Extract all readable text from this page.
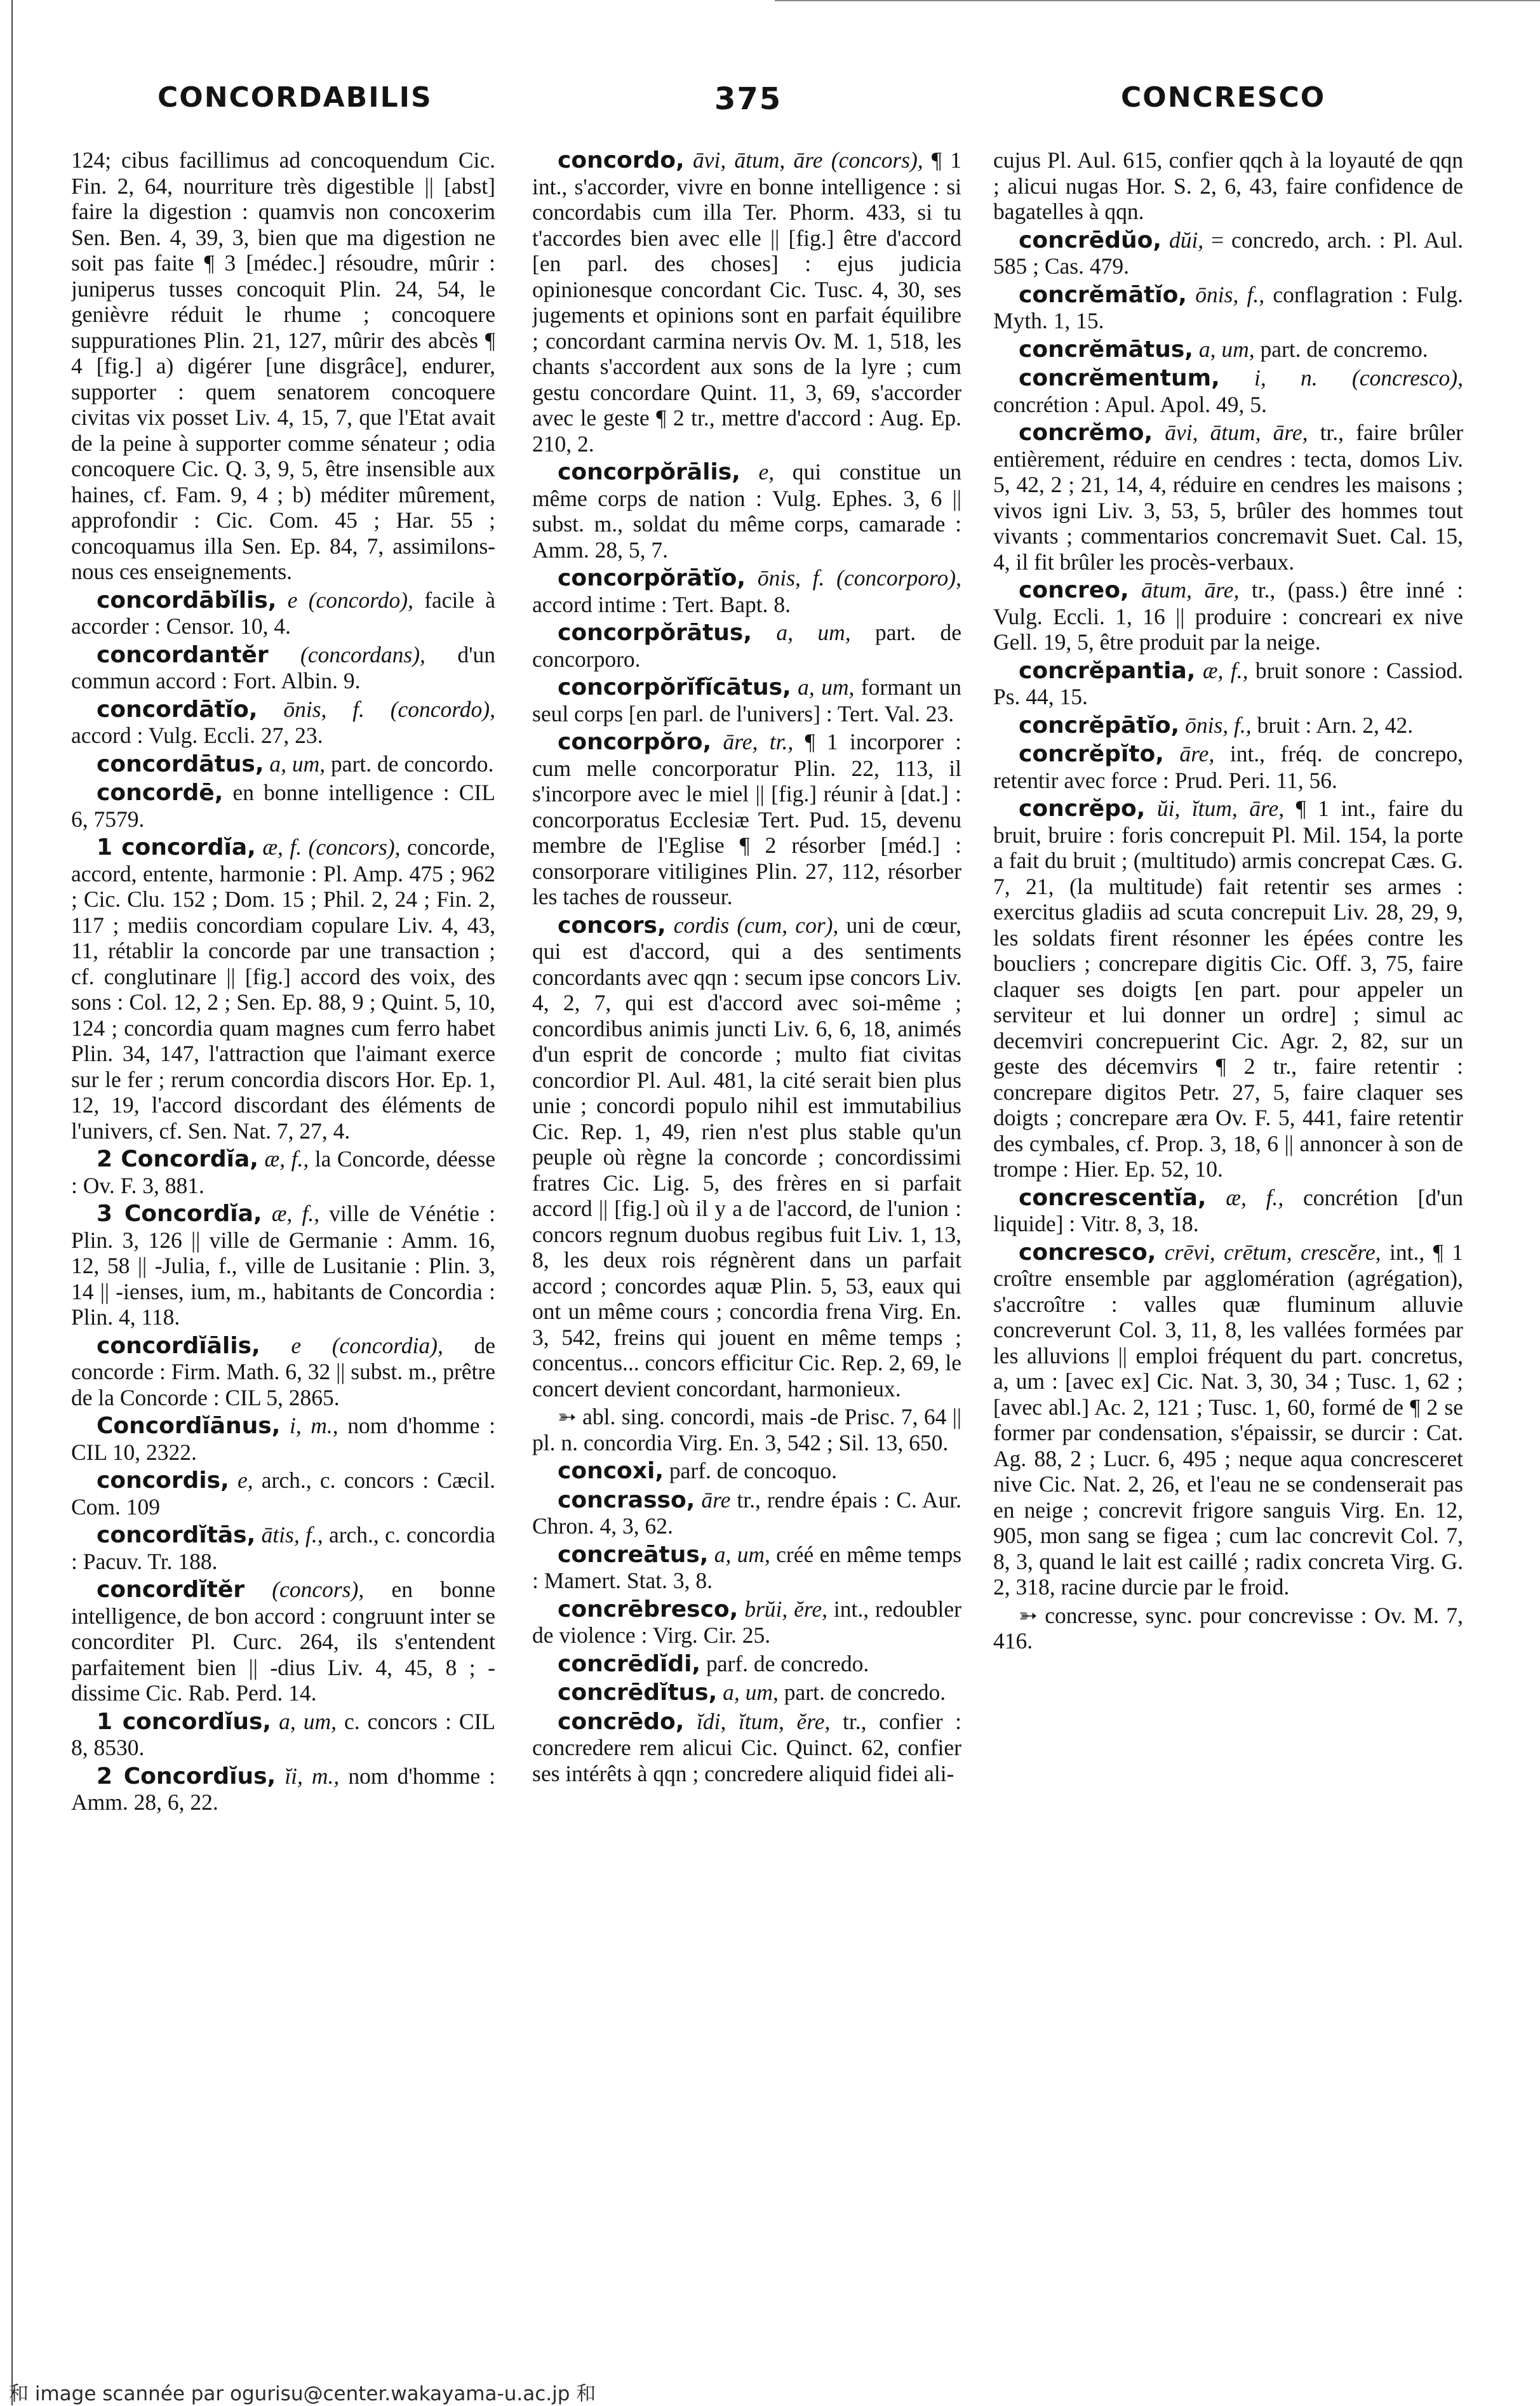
CONCORDABILIS	375	CONCRESCO

124; cibus facillimus ad concoquendum Cic. Fin. 2, 64, nourriture très digestible || [abst] faire la digestion : quamvis non concoxerim Sen. Ben. 4, 39, 3, bien que ma digestion ne soit pas faite ¶ 3 [médec.] résoudre, mûrir : juniperus tusses concoquit Plin. 24, 54, le genièvre réduit le rhume ; concoquere suppurationes Plin. 21, 127, mûrir des abcès ¶ 4 [fig.] a) digérer [une disgrâce], endurer, supporter : quem senatorem concoquere civitas vix posset Liv. 4, 15, 7, que l'Etat avait de la peine à supporter comme sénateur ; odia concoquere Cic. Q. 3, 9, 5, être insensible aux haines, cf. Fam. 9, 4 ; b) méditer mûrement, approfondir : Cic. Com. 45 ; Har. 55 ; concoquamus illa Sen. Ep. 84, 7, assimilons-nous ces enseignements.

concordābĭlis, e (concordo), facile à accorder : Censor. 10, 4.

concordantĕr (concordans), d'un commun accord : Fort. Albin. 9.

concordātĭo, ōnis, f. (concordo), accord : Vulg. Eccli. 27, 23.

concordātus, a, um, part. de concordo.

concordē, en bonne intelligence : CIL 6, 7579.

1 concordĭa, æ, f. (concors), concorde, accord, entente, harmonie : Pl. Amp. 475 ; 962 ; Cic. Clu. 152 ; Dom. 15 ; Phil. 2, 24 ; Fin. 2, 117 ; mediis concordiam copulare Liv. 4, 43, 11, rétablir la concorde par une transaction ; cf. conglutinare || [fig.] accord des voix, des sons : Col. 12, 2 ; Sen. Ep. 88, 9 ; Quint. 5, 10, 124 ; concordia quam magnes cum ferro habet Plin. 34, 147, l'attraction que l'aimant exerce sur le fer ; rerum concordia discors Hor. Ep. 1, 12, 19, l'accord discordant des éléments de l'univers, cf. Sen. Nat. 7, 27, 4.

2 Concordĭa, æ, f., la Concorde, déesse : Ov. F. 3, 881.

3 Concordĭa, æ, f., ville de Vénétie : Plin. 3, 126 || ville de Germanie : Amm. 16, 12, 58 || -Julia, f., ville de Lusitanie : Plin. 3, 14 || -ienses, ium, m., habitants de Concordia : Plin. 4, 118.

concordĭālis, e (concordia), de concorde : Firm. Math. 6, 32 || subst. m., prêtre de la Concorde : CIL 5, 2865.

Concordĭānus, i, m., nom d'homme : CIL 10, 2322.

concordis, e, arch., c. concors : Cæcil. Com. 109

concordĭtās, ātis, f., arch., c. concordia : Pacuv. Tr. 188.

concordĭtĕr (concors), en bonne intelligence, de bon accord : congruunt inter se concorditer Pl. Curc. 264, ils s'entendent parfaitement bien || -dius Liv. 4, 45, 8 ; -dissime Cic. Rab. Perd. 14.

1 concordĭus, a, um, c. concors : CIL 8, 8530.

2 Concordĭus, ĭi, m., nom d'homme : Amm. 28, 6, 22.

concordo, āvi, ātum, āre (concors), ¶ 1 int., s'accorder, vivre en bonne intelligence : si concordabis cum illa Ter. Phorm. 433, si tu t'accordes bien avec elle || [fig.] être d'accord [en parl. des choses] : ejus judicia opinionesque concordant Cic. Tusc. 4, 30, ses jugements et opinions sont en parfait équilibre ; concordant carmina nervis Ov. M. 1, 518, les chants s'accordent aux sons de la lyre ; cum gestu concordare Quint. 11, 3, 69, s'accorder avec le geste ¶ 2 tr., mettre d'accord : Aug. Ep. 210, 2.

concorpŏrālis, e, qui constitue un même corps de nation : Vulg. Ephes. 3, 6 || subst. m., soldat du même corps, camarade : Amm. 28, 5, 7.

concorpŏrātĭo, ōnis, f. (concorporo), accord intime : Tert. Bapt. 8.

concorpŏrātus, a, um, part. de concorporo.

concorpŏrĭfĭcātus, a, um, formant un seul corps [en parl. de l'univers] : Tert. Val. 23.

concorpŏro, āre, tr., ¶ 1 incorporer : cum melle concorporatur Plin. 22, 113, il s'incorpore avec le miel || [fig.] réunir à [dat.] : concorporatus Ecclesiæ Tert. Pud. 15, devenu membre de l'Eglise ¶ 2 résorber [méd.] : consorporare vitiligines Plin. 27, 112, résorber les taches de rousseur.

concors, cordis (cum, cor), uni de cœur, qui est d'accord, qui a des sentiments concordants avec qqn : secum ipse concors Liv. 4, 2, 7, qui est d'accord avec soi-même ; concordibus animis juncti Liv. 6, 6, 18, animés d'un esprit de concorde ; multo fiat civitas concordior Pl. Aul. 481, la cité serait bien plus unie ; concordi populo nihil est immutabilius Cic. Rep. 1, 49, rien n'est plus stable qu'un peuple où règne la concorde ; concordissimi fratres Cic. Lig. 5, des frères en si parfait accord || [fig.] où il y a de l'accord, de l'union : concors regnum duobus regibus fuit Liv. 1, 13, 8, les deux rois régnèrent dans un parfait accord ; concordes aquæ Plin. 5, 53, eaux qui ont un même cours ; concordia frena Virg. En. 3, 542, freins qui jouent en même temps ; concentus... concors efficitur Cic. Rep. 2, 69, le concert devient concordant, harmonieux.

➳ abl. sing. concordi, mais -de Prisc. 7, 64 || pl. n. concordia Virg. En. 3, 542 ; Sil. 13, 650.

concoxi, parf. de concoquo.

concrasso, āre tr., rendre épais : C. Aur. Chron. 4, 3, 62.

concreātus, a, um, créé en même temps : Mamert. Stat. 3, 8.

concrēbresco, brŭi, ĕre, int., redoubler de violence : Virg. Cir. 25.

concrēdĭdi, parf. de concredo.

concrēdĭtus, a, um, part. de concredo.

concrēdo, ĭdi, ĭtum, ĕre, tr., confier : concredere rem alicui Cic. Quinct. 62, confier ses intérêts à qqn ; concredere aliquid fidei ali-

cujus Pl. Aul. 615, confier qqch à la loyauté de qqn ; alicui nugas Hor. S. 2, 6, 43, faire confidence de bagatelles à qqn.

concrēdŭo, dŭi, = concredo, arch. : Pl. Aul. 585 ; Cas. 479.

concrĕmātĭo, ōnis, f., conflagration : Fulg. Myth. 1, 15.

concrĕmātus, a, um, part. de concremo.

concrĕmentum, i, n. (concresco), concrétion : Apul. Apol. 49, 5.

concrĕmo, āvi, ātum, āre, tr., faire brûler entièrement, réduire en cendres : tecta, domos Liv. 5, 42, 2 ; 21, 14, 4, réduire en cendres les maisons ; vivos igni Liv. 3, 53, 5, brûler des hommes tout vivants ; commentarios concremavit Suet. Cal. 15, 4, il fit brûler les procès-verbaux.

concreo, ātum, āre, tr., (pass.) être inné : Vulg. Eccli. 1, 16 || produire : concreari ex nive Gell. 19, 5, être produit par la neige.

concrĕpantia, æ, f., bruit sonore : Cassiod. Ps. 44, 15.

concrĕpātĭo, ōnis, f., bruit : Arn. 2, 42.

concrĕpĭto, āre, int., fréq. de concrepo, retentir avec force : Prud. Peri. 11, 56.

concrĕpo, ŭi, ĭtum, āre, ¶ 1 int., faire du bruit, bruire : foris concrepuit Pl. Mil. 154, la porte a fait du bruit ; (multitudo) armis concrepat Cæs. G. 7, 21, (la multitude) fait retentir ses armes : exercitus gladiis ad scuta concrepuit Liv. 28, 29, 9, les soldats firent résonner les épées contre les boucliers ; concrepare digitis Cic. Off. 3, 75, faire claquer ses doigts [en part. pour appeler un serviteur et lui donner un ordre] ; simul ac decemviri concrepuerint Cic. Agr. 2, 82, sur un geste des décemvirs ¶ 2 tr., faire retentir : concrepare digitos Petr. 27, 5, faire claquer ses doigts ; concrepare æra Ov. F. 5, 441, faire retentir des cymbales, cf. Prop. 3, 18, 6 || annoncer à son de trompe : Hier. Ep. 52, 10.

concrescentĭa, æ, f., concrétion [d'un liquide] : Vitr. 8, 3, 18.

concresco, crēvi, crētum, crescĕre, int., ¶ 1 croître ensemble par agglomération (agrégation), s'accroître : valles quæ fluminum alluvie concreverunt Col. 3, 11, 8, les vallées formées par les alluvions || emploi fréquent du part. concretus, a, um : [avec ex] Cic. Nat. 3, 30, 34 ; Tusc. 1, 62 ; [avec abl.] Ac. 2, 121 ; Tusc. 1, 60, formé de ¶ 2 se former par condensation, s'épaissir, se durcir : Cat. Ag. 88, 2 ; Lucr. 6, 495 ; neque aqua concresceret nive Cic. Nat. 2, 26, et l'eau ne se condenserait pas en neige ; concrevit frigore sanguis Virg. En. 12, 905, mon sang se figea ; cum lac concrevit Col. 7, 8, 3, quand le lait est caillé ; radix concreta Virg. G. 2, 318, racine durcie par le froid.

➳ concresse, sync. pour concrevisse : Ov. M. 7, 416.

和 image scannée par ogurisu@center.wakayama-u.ac.jp 和
